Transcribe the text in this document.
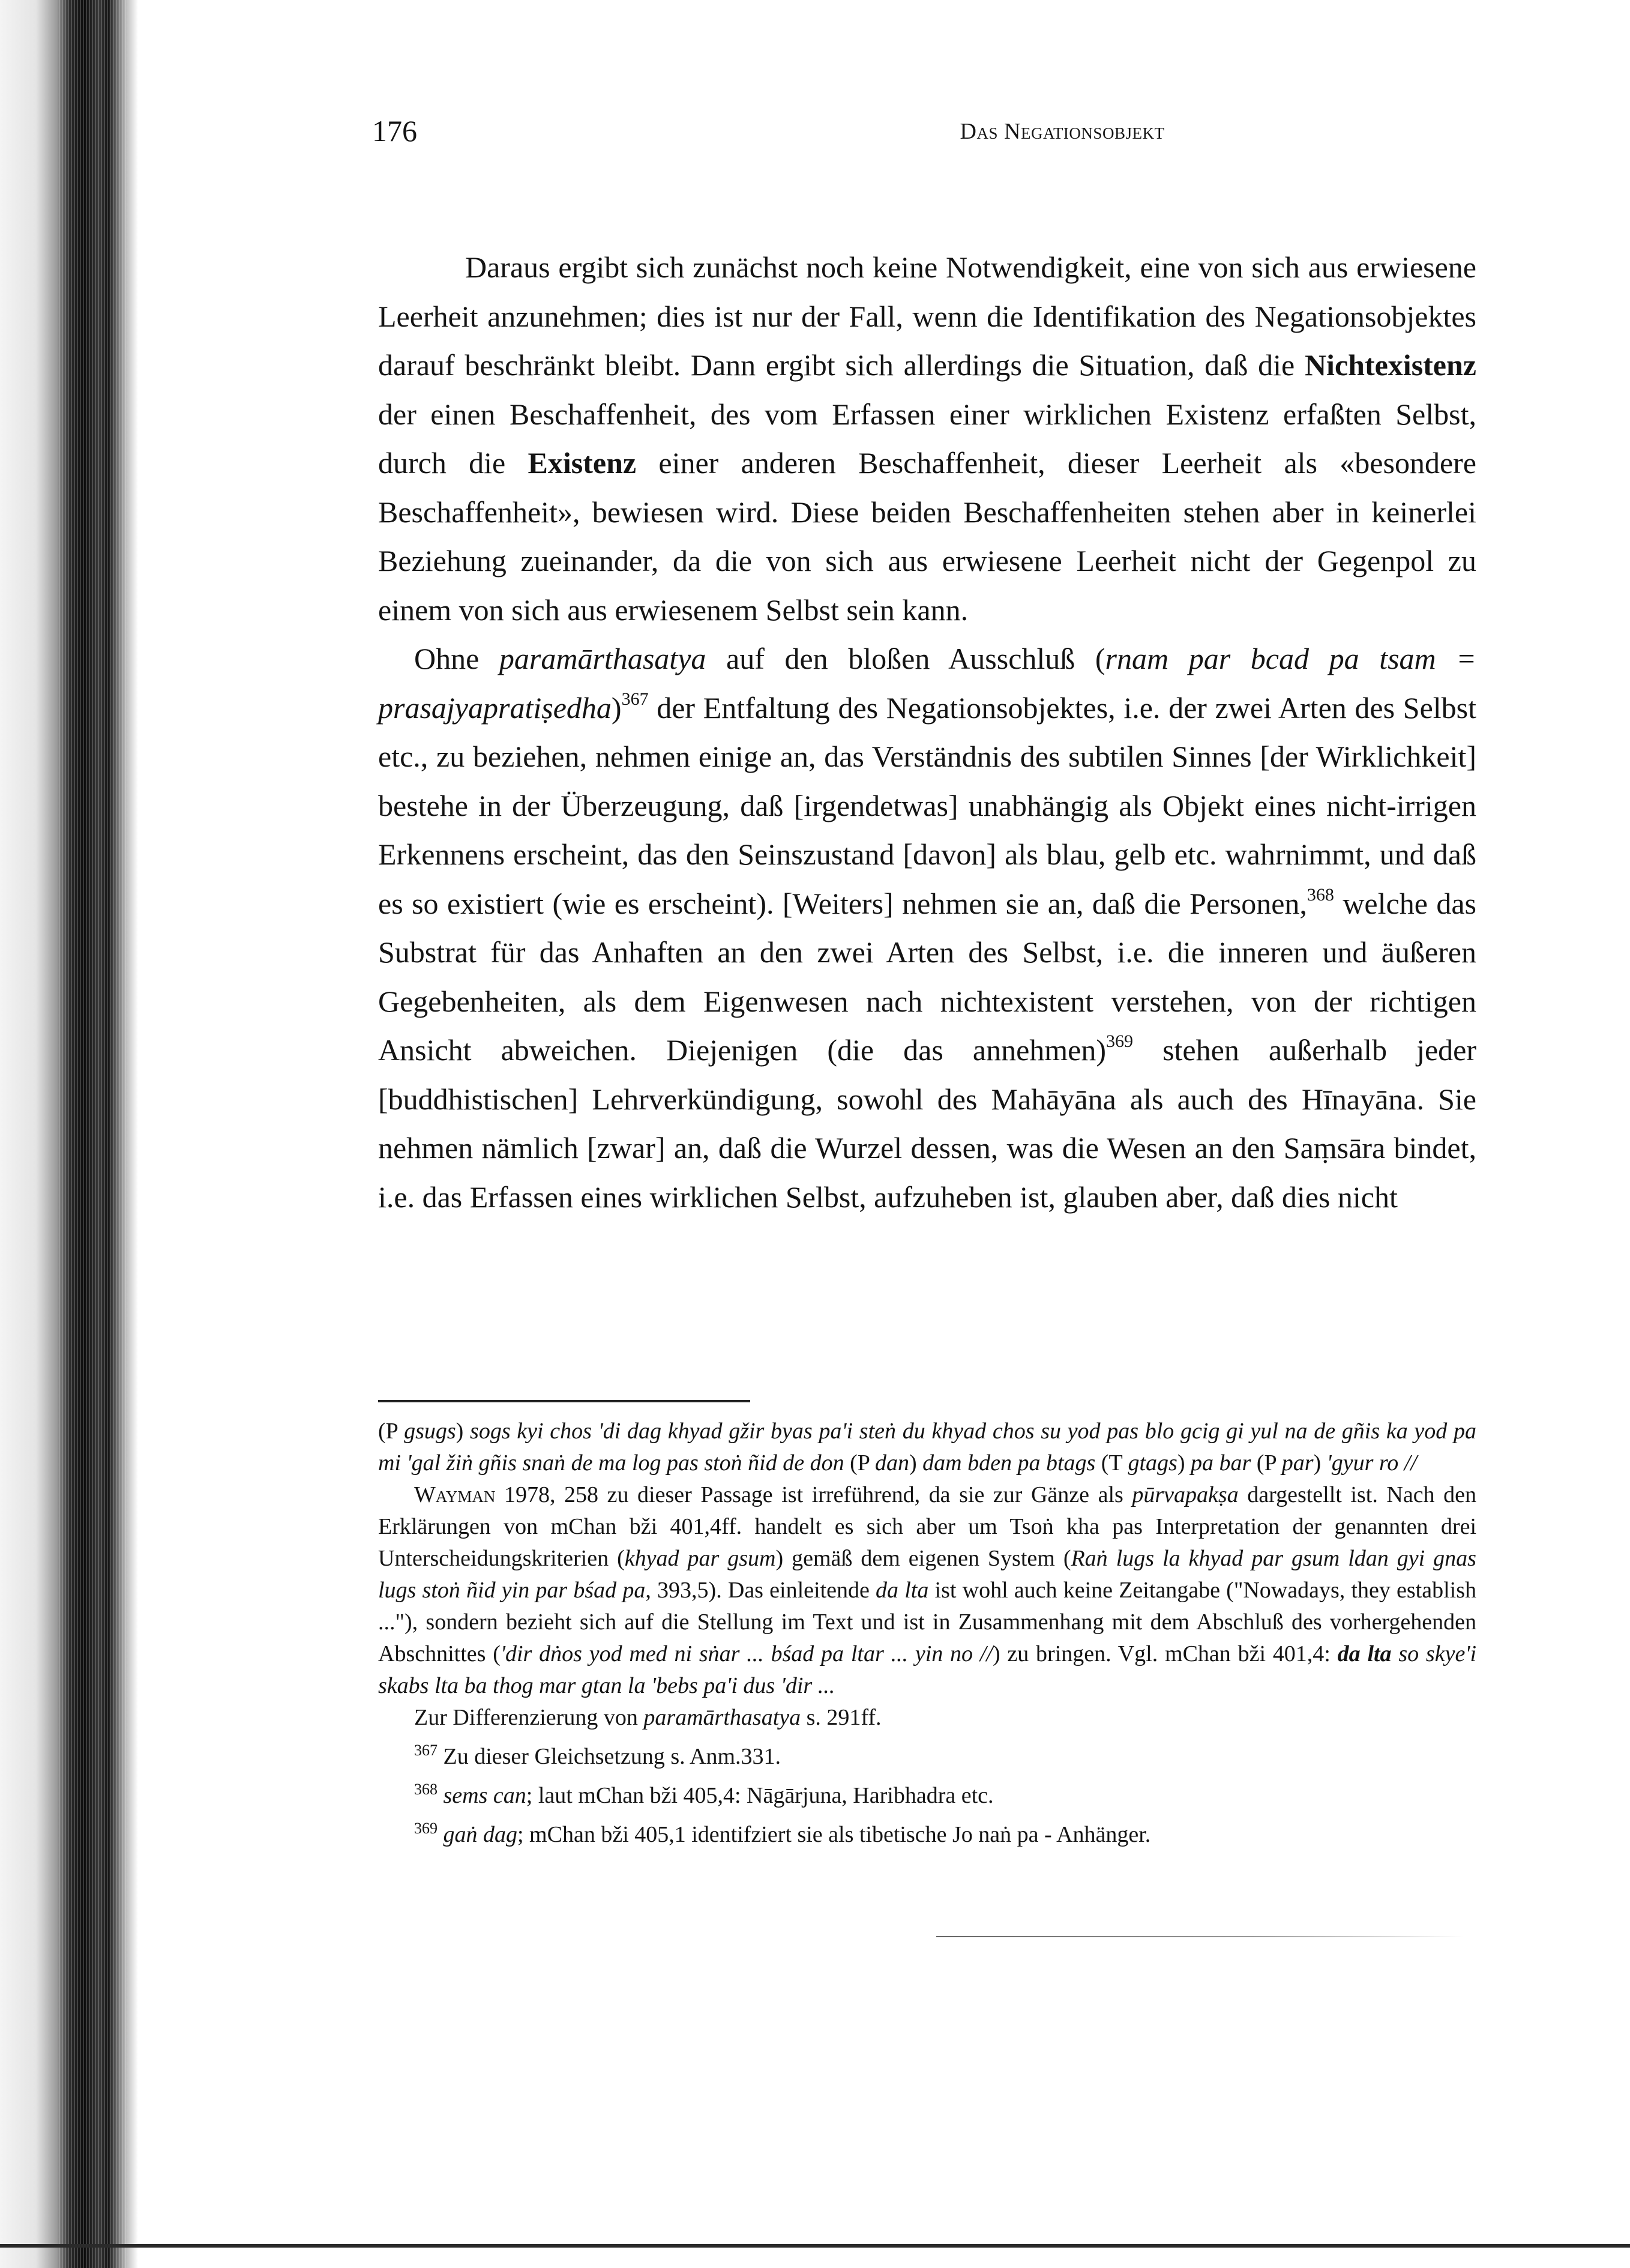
176	Das Negationsobjekt

Daraus ergibt sich zunächst noch keine Notwendigkeit, eine von sich aus erwiesene Leerheit anzunehmen; dies ist nur der Fall, wenn die Identifikation des Negationsobjektes darauf beschränkt bleibt. Dann ergibt sich allerdings die Situation, daß die Nichtexistenz der einen Beschaffenheit, des vom Erfassen einer wirklichen Existenz erfaßten Selbst, durch die Existenz einer anderen Beschaffenheit, dieser Leerheit als «besondere Beschaffenheit», bewiesen wird. Diese beiden Beschaffenheiten stehen aber in keinerlei Beziehung zueinander, da die von sich aus erwiesene Leerheit nicht der Gegenpol zu einem von sich aus erwiesenem Selbst sein kann.

Ohne paramārthasatya auf den bloßen Ausschluß (rnam par bcad pa tsam = prasajyapratiṣedha)$^{367}$ der Entfaltung des Negationsobjektes, i.e. der zwei Arten des Selbst etc., zu beziehen, nehmen einige an, das Verständnis des subtilen Sinnes [der Wirklichkeit] bestehe in der Überzeugung, daß [irgendetwas] unabhängig als Objekt eines nicht-irrigen Erkennens erscheint, das den Seinszustand [davon] als blau, gelb etc. wahrnimmt, und daß es so existiert (wie es erscheint). [Weiters] nehmen sie an, daß die Personen,$^{368}$ welche das Substrat für das Anhaften an den zwei Arten des Selbst, i.e. die inneren und äußeren Gegebenheiten, als dem Eigenwesen nach nichtexistent verstehen, von der richtigen Ansicht abweichen. Diejenigen (die das annehmen)$^{369}$ stehen außerhalb jeder [buddhistischen] Lehrverkündigung, sowohl des Mahāyāna als auch des Hīnayāna. Sie nehmen nämlich [zwar] an, daß die Wurzel dessen, was die Wesen an den Saṃsāra bindet, i.e. das Erfassen eines wirklichen Selbst, aufzuheben ist, glauben aber, daß dies nicht

(P gsugs) sogs kyi chos 'di dag khyad gžir byas pa'i steṅ du khyad chos su yod pas blo gcig gi yul na de gñis ka yod pa mi 'gal žiṅ gñis snaṅ de ma log pas stoṅ ñid de don (P dan) dam bden pa btags (T gtags) pa bar (P par) 'gyur ro //

Wayman 1978, 258 zu dieser Passage ist irreführend, da sie zur Gänze als pūrvapakṣa dargestellt ist. Nach den Erklärungen von mChan bži 401,4ff. handelt es sich aber um Tsoṅ kha pas Interpretation der genannten drei Unterscheidungskriterien (khyad par gsum) gemäß dem eigenen System (Raṅ lugs la khyad par gsum ldan gyi gnas lugs stoṅ ñid yin par bśad pa, 393,5). Das einleitende da lta ist wohl auch keine Zeitangabe ("Nowadays, they establish ..."), sondern bezieht sich auf die Stellung im Text und ist in Zusammenhang mit dem Abschluß des vorhergehenden Abschnittes ('dir dṅos yod med ni sṅar ... bśad pa ltar ... yin no //) zu bringen. Vgl. mChan bži 401,4: da lta so skye'i skabs lta ba thog mar gtan la 'bebs pa'i dus 'dir ...

Zur Differenzierung von paramārthasatya s. 291ff.

$^{367}$ Zu dieser Gleichsetzung s. Anm.331.

$^{368}$ sems can; laut mChan bži 405,4: Nāgārjuna, Haribhadra etc.

$^{369}$ gaṅ dag; mChan bži 405,1 identifziert sie als tibetische Jo naṅ pa - Anhänger.
